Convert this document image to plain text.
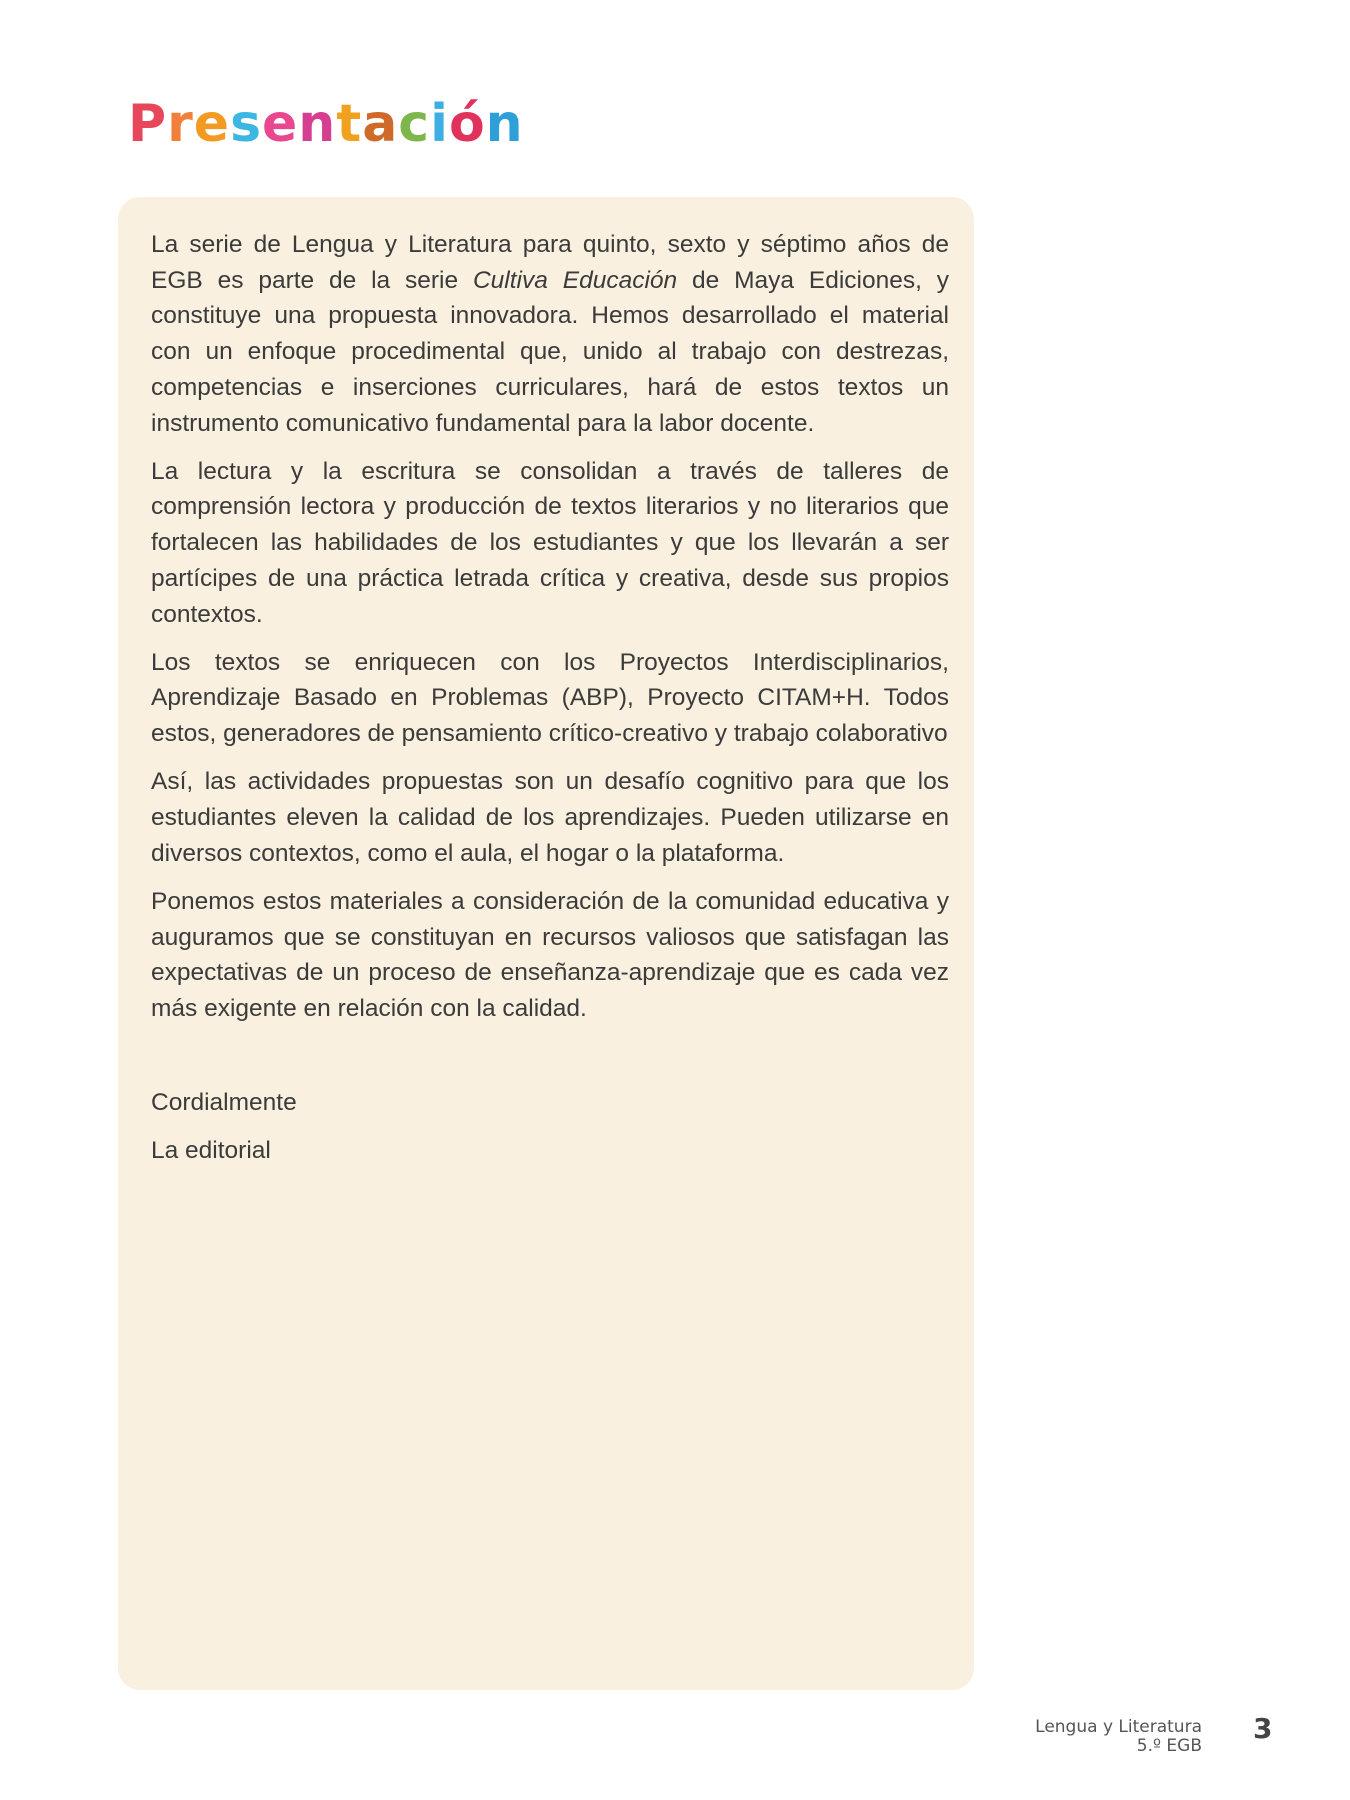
Presentación

La serie de Lengua y Literatura para quinto, sexto y séptimo años de EGB es parte de la serie Cultiva Educación de Maya Ediciones, y constituye una propuesta innovadora. Hemos desarrollado el material con un enfoque procedimental que, unido al trabajo con destrezas, competencias e inserciones curriculares, hará de estos textos un instrumento comunicativo fundamental para la labor docente.

La lectura y la escritura se consolidan a través de talleres de comprensión lectora y producción de textos literarios y no literarios que fortalecen las habilidades de los estudiantes y que los llevarán a ser partícipes de una práctica letrada crítica y creativa, desde sus propios contextos.

Los textos se enriquecen con los Proyectos Interdisciplinarios, Aprendizaje Basado en Problemas (ABP), Proyecto CITAM+H. Todos estos, generadores de pensamiento crítico-creativo y trabajo colaborativo

Así, las actividades propuestas son un desafío cognitivo para que los estudiantes eleven la calidad de los aprendizajes. Pueden utilizarse en diversos contextos, como el aula, el hogar o la plataforma.

Ponemos estos materiales a consideración de la comunidad educativa y auguramos que se constituyan en recursos valiosos que satisfagan las expectativas de un proceso de enseñanza-aprendizaje que es cada vez más exigente en relación con la calidad.

Cordialmente

La editorial

Lengua y Literatura
5.º EGB
3
